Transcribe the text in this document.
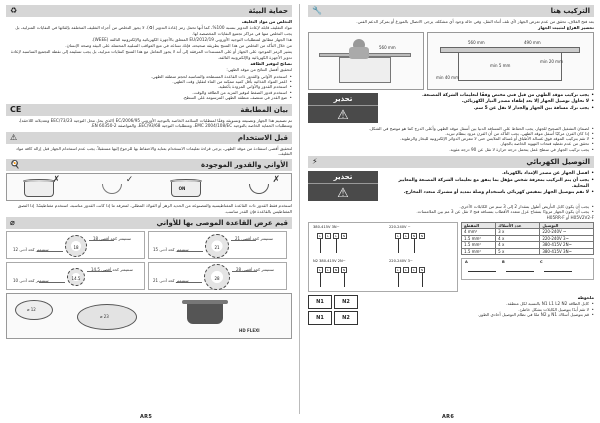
حماية البيئة
♻

التخلص من مواد التغليف

مواد التغليف قابلة لإعادة التدوير بنسبة 100%، كما أنها تحمل رمز إعادة التدوير (♻). لا يجوز التخلص من أجزاء التغليف المختلفة بإلقائها في النفايات المنزلية، بل يجب التخلص منها في مراكز تجميع النفايات المخصصة لها.

هذا الجهاز مطابق لمتطلبات التوجيه الأوروبي 2012/19/EU المتعلق بالأجهزة الكهربائية والإلكترونية التالفة (WEEE).

من خلال التأكد من التخلص من هذا المنتج بطريقة صحيحة، فإنك تساعد في منع العواقب السلبية المحتملة على البيئة وصحة الإنسان.

يشير الرمز الموجود على الجهاز أو على المستندات المرفقة إلى أنه لا يجوز التعامل مع هذا المنتج كنفايات منزلية، بل يجب تسليمه إلى نقطة التجميع المناسبة لإعادة تدوير الأجهزة الكهربائية والإلكترونية التالفة.

نصائح لتوفير الطاقة

لتحقيق أفضل النتائج من موقد الطهي:

• استخدم الأواني والقدور ذات القاعدة المسطحة والمناسبة لحجم منطقة الطهي.
• اغمر المواد الغذائية بأقل كمية ممكنة من الماء لتقليل وقت الطهي.
• استخدم القدور والأواني المزودة بأغطية.
• استخدم قدور الضغط لتوفير المزيد من الطاقة والوقت.
• ضع القدر في منتصف منطقة الطهي المرسومة على السطح.
بيان المطابقة
CE

تم تصميم هذا الجهاز وتصنيعه وتسويقه وفقًا لمتطلبات السلامة الخاصة بالتوجيه الأوروبي 2006/95/EC (الذي يحل محل التوجيه 73/23/EEC وتعديلاته اللاحقة)، ومتطلبات الحماية الخاصة بالتوجيه EMC 2004/108/EC، ومتطلبات التوجيه 93/68/EEC، والمواصفة EN 60350-2.

قبل الاستخدام
⚠

لتحقيق أقصى استفادة من موقد الطهي، يرجى قراءة تعليمات الاستخدام بعناية والاحتفاظ بها للرجوع إليها مستقبلاً. يجب عدم استخدام الجهاز قبل إزالة كافة مواد التغليف.

الأواني والقدور الموجودة
🍳
✗	✓
ON
✗

استخدم فقط القدور ذات القاعدة المغناطيسية والمصنوعة من الحديد الزهر أو الفولاذ المطلي. لمعرفة ما إذا كانت القدور مناسبة، استخدم مغناطيسًا: إذا التصق المغناطيس بالقاعدة فإن القدر مناسب.

قيم عرض القاعدة الموصى بها للأواني
⌀
18
18 سنتيمتر كحد أقصى
12 سنتيمتر كحد أدنى	21
21 سنتيمتر كحد أقصى
15 سنتيمتر كحد أدنى
14.5
14.5 سنتيمتر كحد أقصى
10 سنتيمتر كحد أدنى	28
28 سنتيمتر كحد أقصى
21 سنتيمتر كحد أدنى
⌀ 12
⌀ 23
HD FLEXI
AR5
التركيب هنا
🔧

بعد فتح الغلاف، تحقق من عدم تعرض الجهاز لأي تلف أثناء النقل، وفي حالة وجود أي مشكلة، يرجى الاتصال بالموزع أو بمركز الدعم الفني.

تحضير الفراغ لتثبيت الجهاز

560 mm
560 mm	490 mm
min 5 mm
min 20 mm
min 40 mm
• يجب تركيب موقد الطهي من قبل فني مختص وفقًا لتعليمات الشركة المصنعة.
• لا تحاول توصيل الجهاز إلا بعد إطفاء مصدر التيار الكهربائي.
• يجب ترك مسافة بين الجهاز والجدار لا تقل عن 5 سم.
تحذير
⚠
• لضمان التشغيل الصحيح للجهاز، يجب الحفاظ على المسافة الدنيا بين أسفل موقد الطهي وأعلى الدرج كما هو موضح في الشكل.
• إذا كان الفرن مركبًا أسفل موقد الطهي، يجب التأكد من أن الفرن مزود بنظام تبريد.
• لا تقم بتركيب الموقد فوق غسالة الأطباق أو غسالة الملابس حتى لا تتعرض الدوائر الإلكترونية للبخار والرطوبة.
• تحقق من عدم تغطية فتحات التهوية الخاصة بالجهاز.
• يجب تركيب الجهاز في سطح عمل يتحمل درجة حرارة لا تقل عن 90 درجة مئوية.
التوصيل الكهربائي
⚡
• افصل الجهاز عن مصدر الإمداد بالكهرباء.
• يجب أن يتم التركيب بمعرفة شخص مؤهل بما يتفق مع تعليمات الشركة المصنعة والمعايير المحلية.
• لا تقم بتوصيل الجهاز بمقبس كهربائي باستخدام وصلة تمديد أو مشترك متعدد المخارج.
تحذير
⚠
• يجب أن يكون كابل التأريض أطول بمقدار 2 إلى 3 سم من الكابلات الأخرى.
• يجب أن يكون الجهاز مزودًا بمفتاح عزل متعدد الأقطاب بمسافة فتح لا تقل عن 3 مم بين الملامسات.

H05RR-F أو H05V2V2-F

380-415V 3N~	220-240V ~
L	L	L	N	L	L	N	N
N2 380-415V 2N~	220-240V 3~
L	L	N	N	L	L	L	N
المقطع	عدد الأسلاك	التوصيل
4 mm²	3 x	220-240V ~
1.5 mm²	4 x	220-240V 3~
1.5 mm²	4 x	380-415V 2N~
1.5 mm²	5 x	380-415V 3N~
A	B	C
N1	N2
N1	N2

ملحوظة

• كابل الطاقة N1 L1 L2 N2 بالنسبة لكل منطقة.
• لا تقم أبدًا بتوصيل الكابلات بشكل خاطئ.
• قم بتوصيل أسلاك N1 و N2 معًا في نظام التوصيل أحادي الطور.
AR6
